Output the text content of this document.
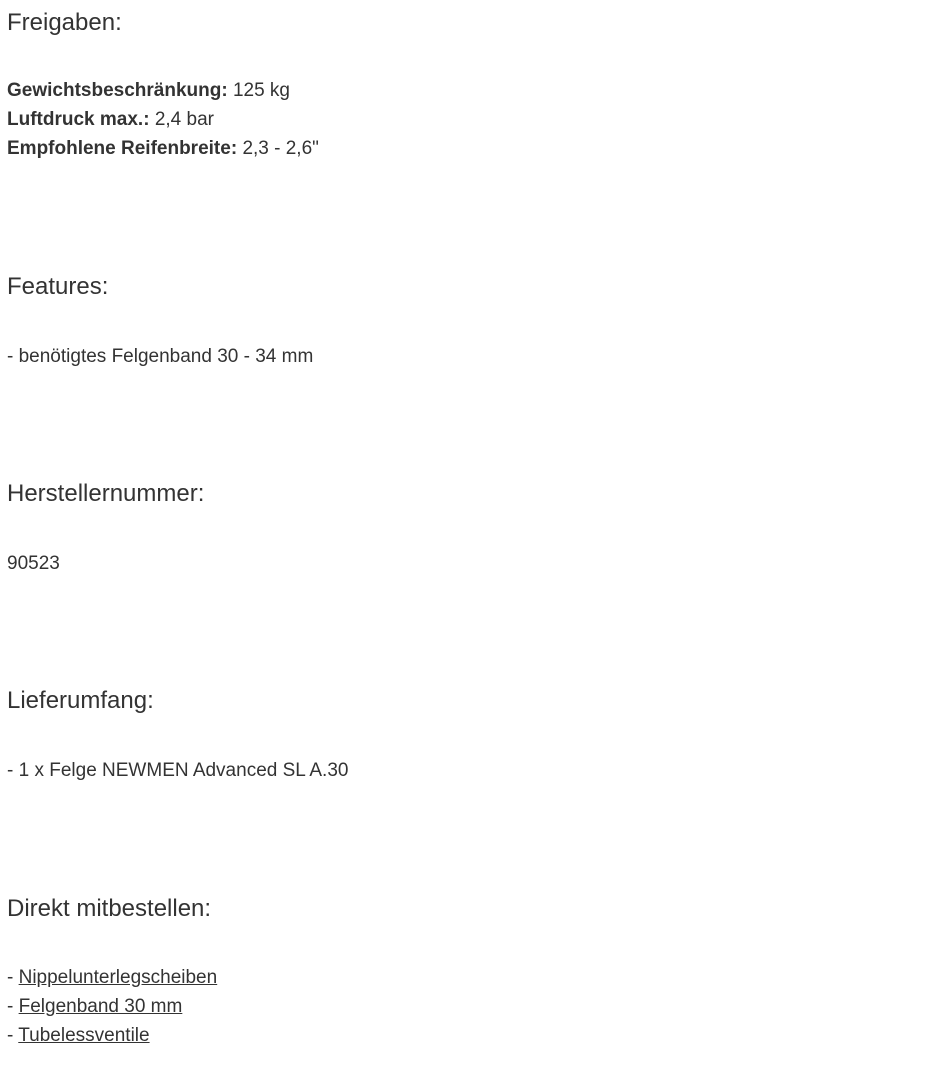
Freigaben:

Gewichtsbeschränkung: 125 kg

Luftdruck max.: 2,4 bar

Empfohlene Reifenbreite: 2,3 - 2,6"

Features:

- benötigtes Felgenband 30 - 34 mm

Herstellernummer:

90523

Lieferumfang:

- 1 x Felge NEWMEN Advanced SL A.30

Direkt mitbestellen:

- Nippelunterlegscheiben

- Felgenband 30 mm

- Tubelessventile
